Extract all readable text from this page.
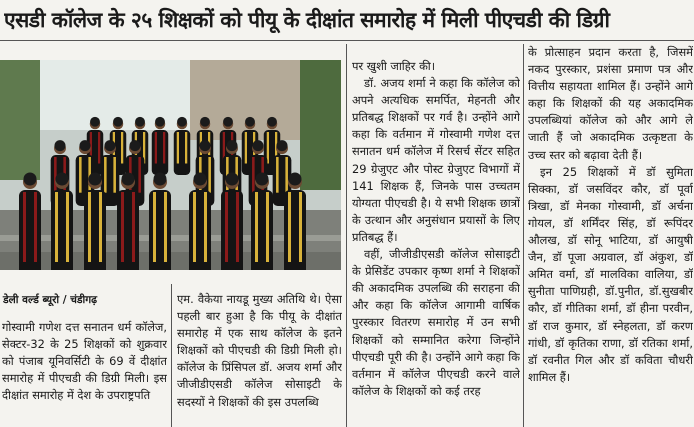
एसडी कॉलेज के २५ शिक्षकों को पीयू के दीक्षांत समारोह में मिली पीएचडी की डिग्री
डेली वर्ल्ड ब्यूरो / चंडीगढ़

गोस्वामी गणेश दत्त सनातन धर्म कॉलेज, सेक्टर-32 के 25 शिक्षकों को शुक्रवार को पंजाब यूनिवर्सिटी के 69 वें दीक्षांत समारोह में पीएचडी की डिग्री मिली। इस दीक्षांत समारोह में देश के उपराष्ट्रपति

एम. वैकेया नायडू मुख्य अतिथि थे। ऐसा पहली बार हुआ है कि पीयू के दीक्षांत समारोह में एक साथ कॉलेज के इतने शिक्षकों को पीएचडी की डिग्री मिली हो। कॉलेज के प्रिंसिपल डॉ. अजय शर्मा और जीजीडीएसडी कॉलेज सोसाइटी के सदस्यों ने शिक्षकों की इस उपलब्धि

पर खुशी जाहिर की।

डॉ. अजय शर्मा ने कहा कि कॉलेज को अपने अत्यधिक समर्पित, मेहनती और प्रतिबद्ध शिक्षकों पर गर्व है। उन्होंने आगे कहा कि वर्तमान में गोस्वामी गणेश दत्त सनातन धर्म कॉलेज में रिसर्च सेंटर सहित 29 ग्रेजुएट और पोस्ट ग्रेजुएट विभागों में 141 शिक्षक हैं, जिनके पास उच्चतम योग्यता पीएचडी है। ये सभी शिक्षक छात्रों के उत्थान और अनुसंधान प्रयासों के लिए प्रतिबद्ध हैं।

वहीं, जीजीडीएसडी कॉलेज सोसाइटी के प्रेसिडेंट उपकार कृष्ण शर्मा ने शिक्षकों की अकादमिक उपलब्धि की सराहना की और कहा कि कॉलेज आगामी वार्षिक पुरस्कार वितरण समारोह में उन सभी शिक्षकों को सम्मानित करेगा जिन्होंने पीएचडी पूरी की है। उन्होंने आगे कहा कि वर्तमान में कॉलेज पीएचडी करने वाले कॉलेज के शिक्षकों को कई तरह

के प्रोत्साहन प्रदान करता है, जिसमें नकद पुरस्कार, प्रशंसा प्रमाण पत्र और वित्तीय सहायता शामिल हैं। उन्होंने आगे कहा कि शिक्षकों की यह अकादमिक उपलब्धियां कॉलेज को और आगे ले जाती हैं जो अकादमिक उत्कृष्टता के उच्च स्तर को बढ़ावा देती हैं।

इन 25 शिक्षकों में डॉ सुमिता सिक्का, डॉ जसविंदर कौर, डॉ पूर्वा त्रिखा, डॉ मेनका गोस्वामी, डॉ अर्चना गोयल, डॉ शर्मिंदर सिंह, डॉ रूपिंदर औलख, डॉ सोनू भाटिया, डॉ आयुषी जैन, डॉ पूजा अग्रवाल, डॉ अंकुश, डॉ अमित वर्मा, डॉ मालविका वालिया, डॉ सुनीता पाणिग्रही, डॉ.पुनीत, डॉ.सुखबीर कौर, डॉ गीतिका शर्मा, डॉ हीना परवीन, डॉ राज कुमार, डॉ स्नेहलता, डॉ करण गांधी, डॉ कृतिका राणा, डॉ रतिका शर्मा, डॉ रवनीत गिल और डॉ कविता चौधरी शामिल हैं।
